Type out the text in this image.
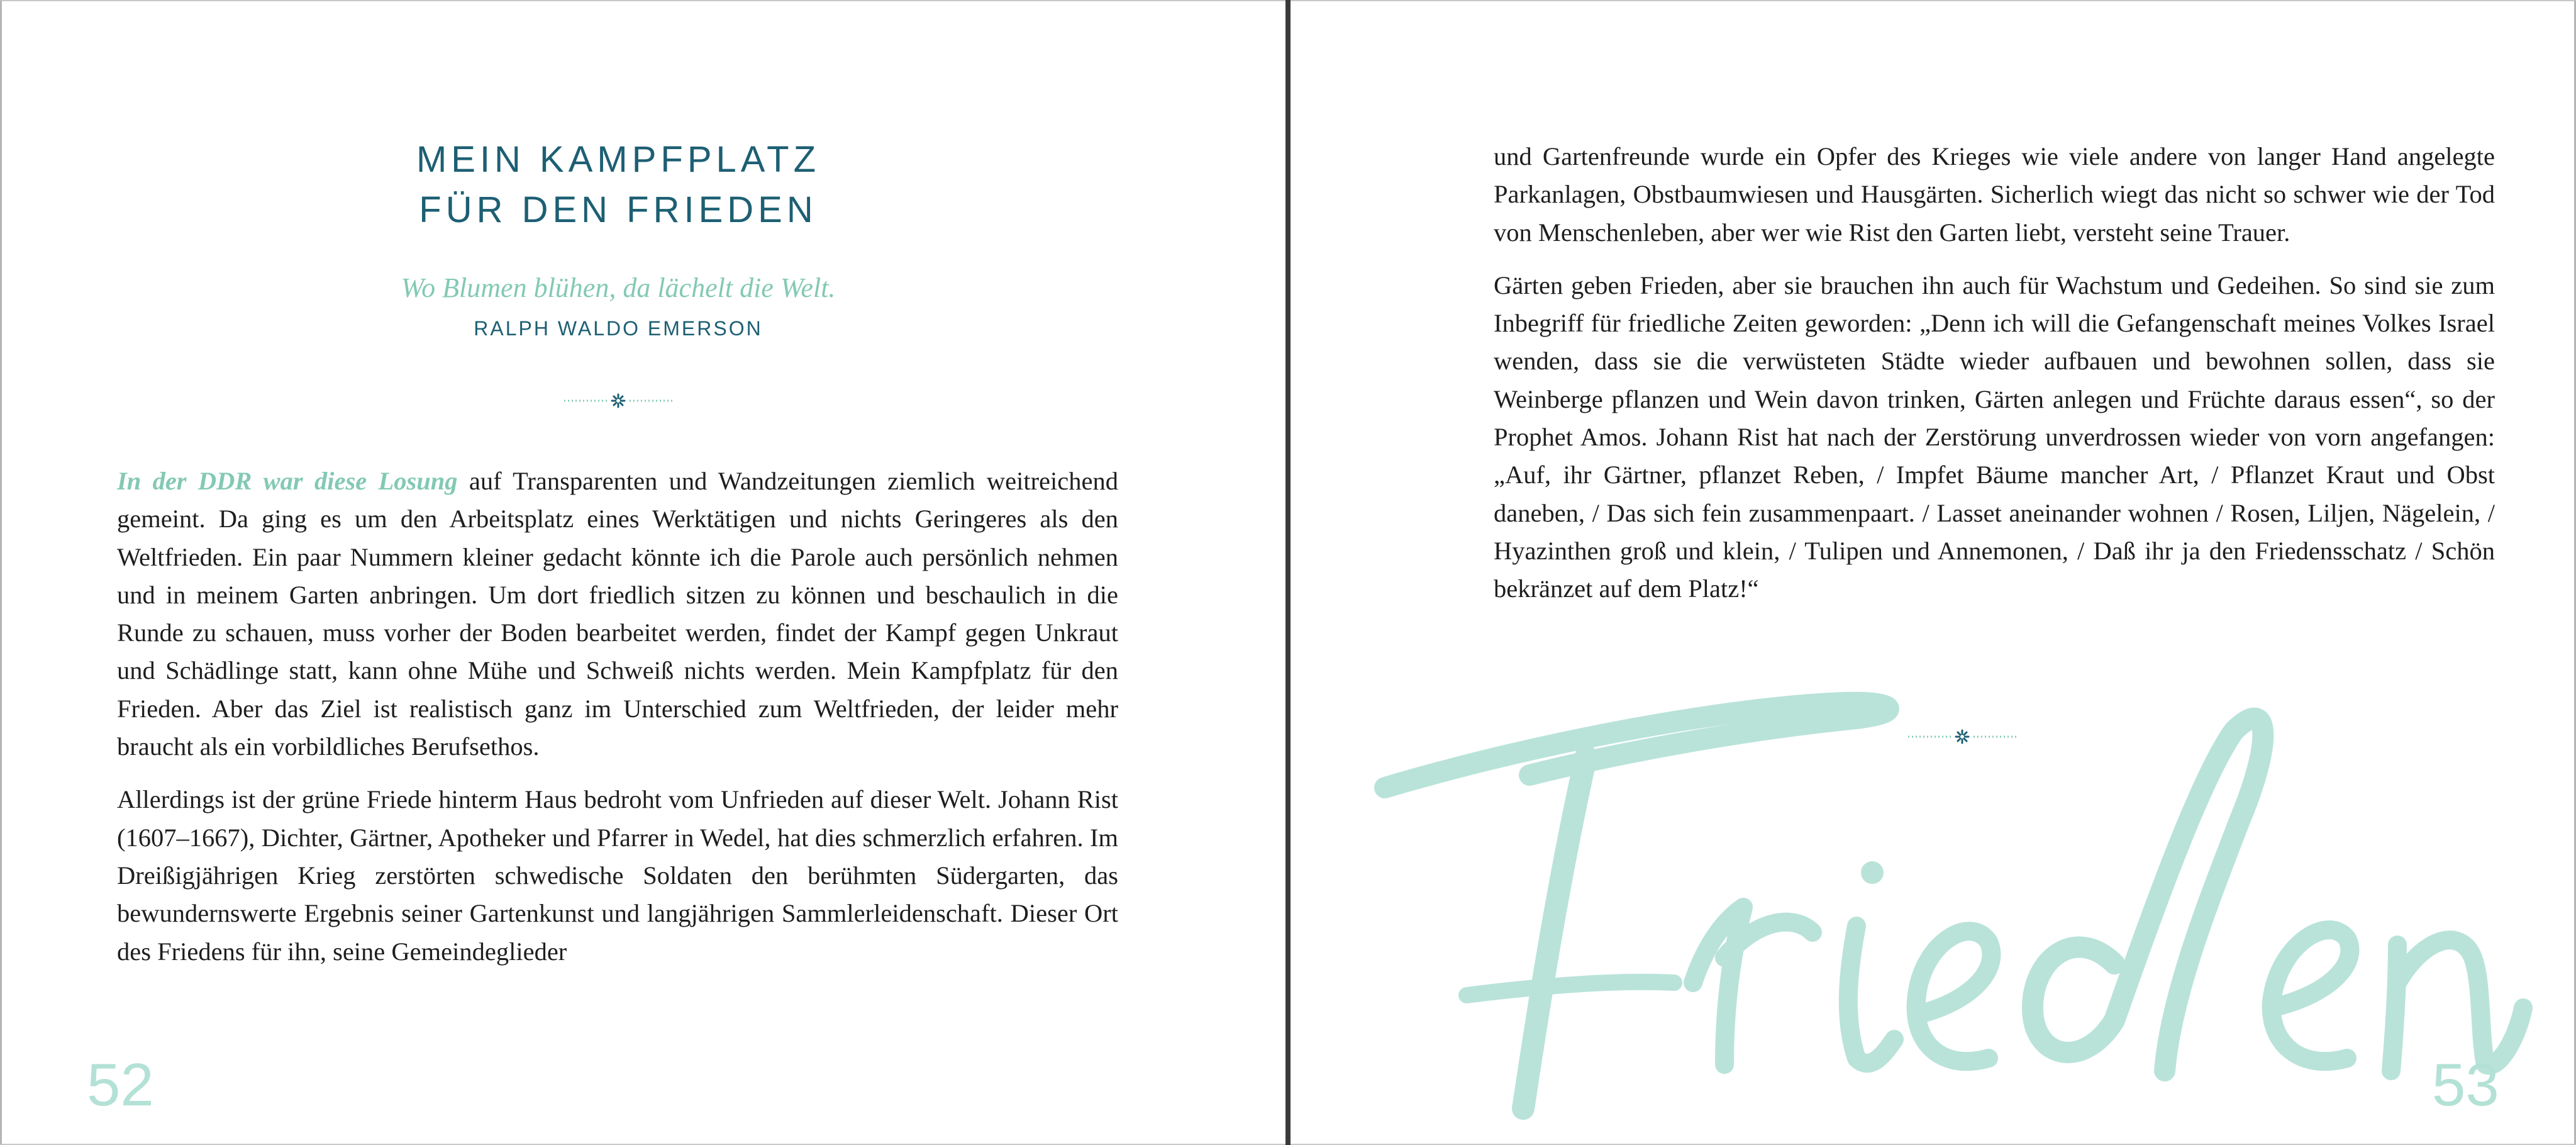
MEIN KAMPFPLATZ
FÜR DEN FRIEDEN
Wo Blumen blühen, da lächelt die Welt.
RALPH WALDO EMERSON

In der DDR war diese Losung auf Transparenten und Wandzeitungen ziemlich weitreichend gemeint. Da ging es um den Arbeitsplatz eines Werktätigen und nichts Geringeres als den Weltfrieden. Ein paar Nummern kleiner gedacht könnte ich die Parole auch persönlich nehmen und in meinem Garten anbringen. Um dort friedlich sitzen zu können und beschaulich in die Runde zu schauen, muss vorher der Boden bearbeitet werden, findet der Kampf gegen Unkraut und Schädlinge statt, kann ohne Mühe und Schweiß nichts werden. Mein Kampfplatz für den Frieden. Aber das Ziel ist realistisch ganz im Unterschied zum Weltfrieden, der leider mehr braucht als ein vorbildliches Berufsethos.

Allerdings ist der grüne Friede hinterm Haus bedroht vom Unfrieden auf dieser Welt. Johann Rist (1607–1667), Dichter, Gärtner, Apotheker und Pfarrer in Wedel, hat dies schmerzlich erfahren. Im Dreißigjährigen Krieg zerstörten schwedische Soldaten den berühmten Südergarten, das bewundernswerte Ergebnis seiner Gartenkunst und langjährigen Sammlerleidenschaft. Dieser Ort des Friedens für ihn, seine Gemeindeglieder

52

und Gartenfreunde wurde ein Opfer des Krieges wie viele andere von langer Hand angelegte Parkanlagen, Obstbaumwiesen und Hausgärten. Sicherlich wiegt das nicht so schwer wie der Tod von Menschenleben, aber wer wie Rist den Garten liebt, versteht seine Trauer.

Gärten geben Frieden, aber sie brauchen ihn auch für Wachstum und Gedeihen. So sind sie zum Inbegriff für friedliche Zeiten geworden: „Denn ich will die Gefangenschaft meines Volkes Israel wenden, dass sie die verwüsteten Städte wieder aufbauen und bewohnen sollen, dass sie Weinberge pflanzen und Wein davon trinken, Gärten anlegen und Früchte daraus essen“, so der Prophet Amos. Johann Rist hat nach der Zerstörung unverdrossen wieder von vorn angefangen: „Auf, ihr Gärtner, pflanzet Reben, / Impfet Bäume mancher Art, / Pflanzet Kraut und Obst daneben, / Das sich fein zusammenpaart. / Lasset aneinander wohnen / Rosen, Liljen, Nägelein, / Hyazinthen groß und klein, / Tulipen und Annemonen, / Daß ihr ja den Friedensschatz / Schön bekränzet auf dem Platz!“

53
